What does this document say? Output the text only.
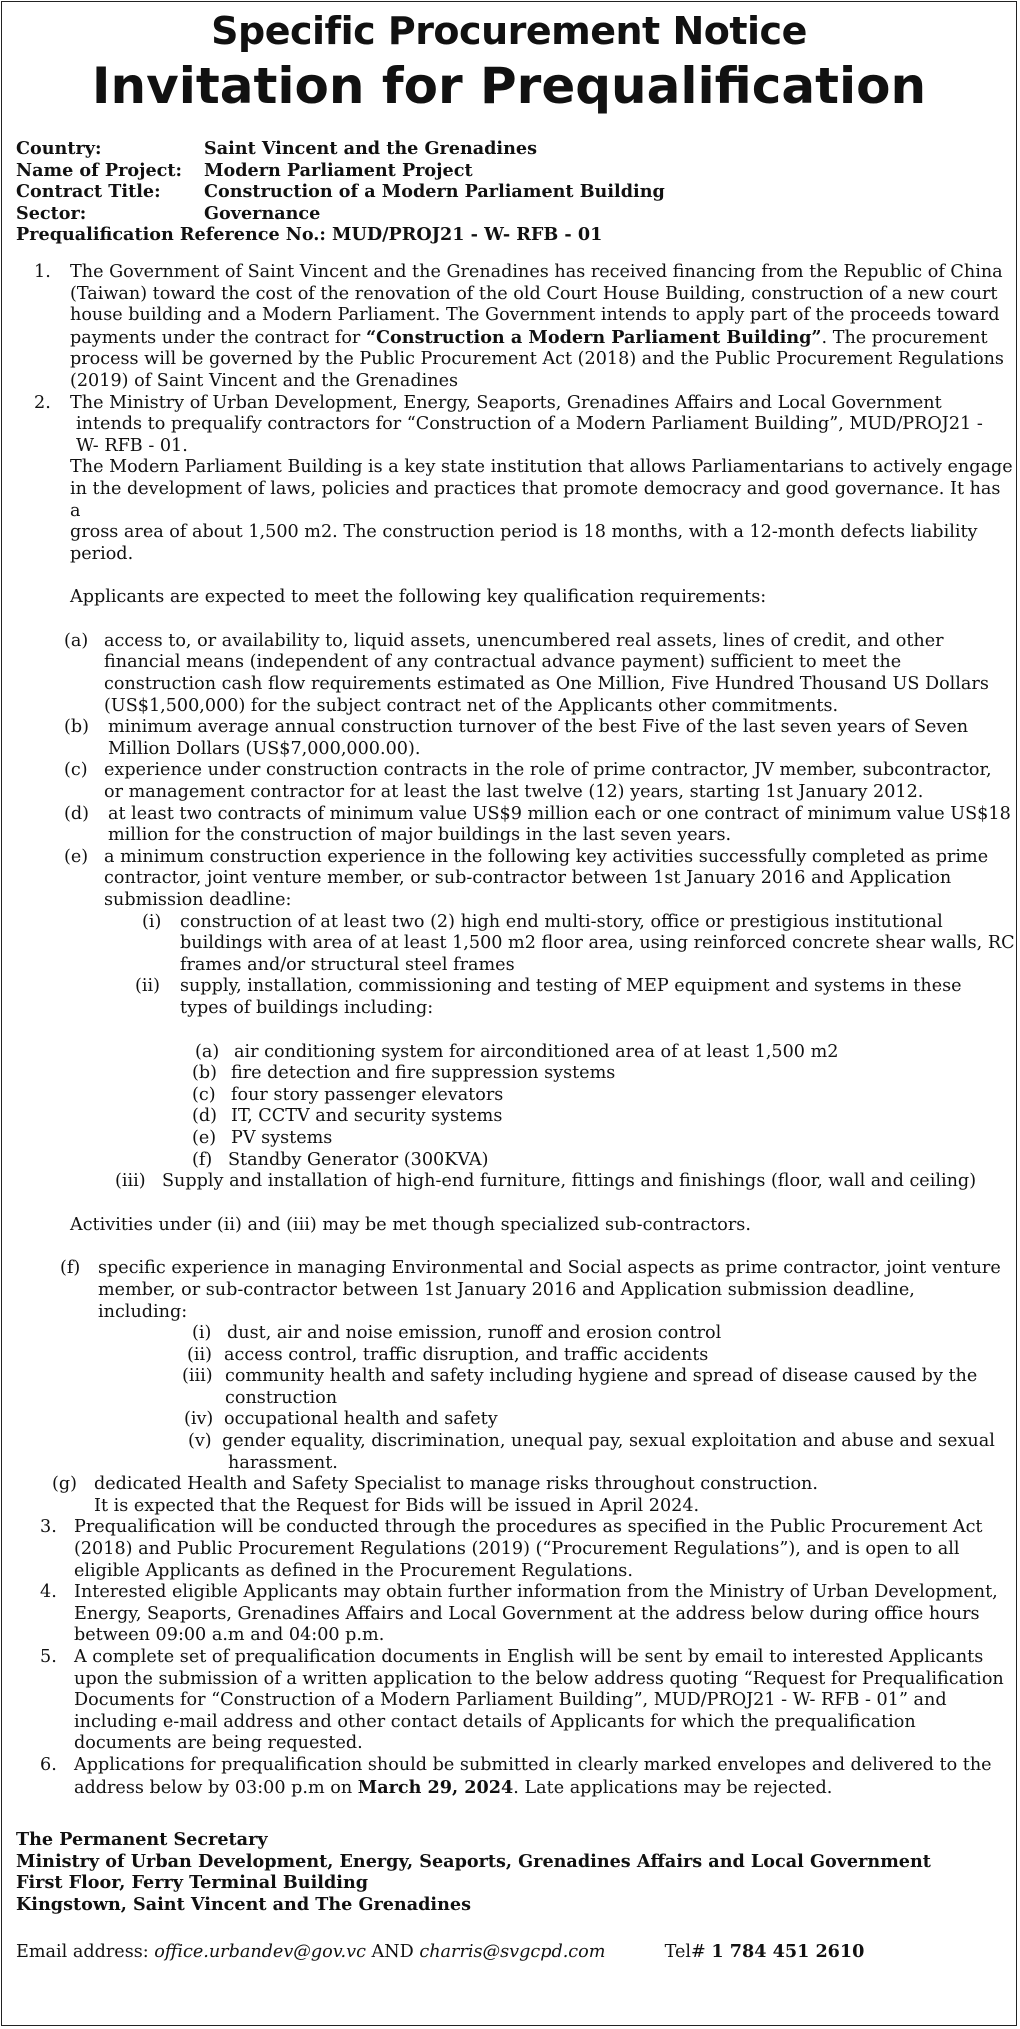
Specific Procurement Notice
Invitation for Prequalification
Country:	Saint Vincent and the Grenadines
Name of Project:	Modern Parliament Project
Contract Title:	Construction of a Modern Parliament Building
Sector:	Governance
Prequalification Reference No.: MUD/PROJ21 - W- RFB - 01
1. The Government of Saint Vincent and the Grenadines has received financing from the Republic of China
(Taiwan) toward the cost of the renovation of the old Court House Building, construction of a new court
house building and a Modern Parliament. The Government intends to apply part of the proceeds toward
payments under the contract for “Construction a Modern Parliament Building”. The procurement
process will be governed by the Public Procurement Act (2018) and the Public Procurement Regulations
(2019) of Saint Vincent and the Grenadines
2. The Ministry of Urban Development, Energy, Seaports, Grenadines Affairs and Local Government
intends to prequalify contractors for “Construction of a Modern Parliament Building”, MUD/PROJ21 -
W- RFB - 01.
The Modern Parliament Building is a key state institution that allows Parliamentarians to actively engage
in the development of laws, policies and practices that promote democracy and good governance. It has a
gross area of about 1,500 m2. The construction period is 18 months, with a 12-month defects liability
period.
Applicants are expected to meet the following key qualification requirements:
(a) access to, or availability to, liquid assets, unencumbered real assets, lines of credit, and other
financial means (independent of any contractual advance payment) sufficient to meet the
construction cash flow requirements estimated as One Million, Five Hundred Thousand US Dollars
(US$1,500,000) for the subject contract net of the Applicants other commitments.
(b) minimum average annual construction turnover of the best Five of the last seven years of Seven
Million Dollars (US$7,000,000.00).
(c) experience under construction contracts in the role of prime contractor, JV member, subcontractor,
or management contractor for at least the last twelve (12) years, starting 1st January 2012.
(d) at least two contracts of minimum value US$9 million each or one contract of minimum value US$18
million for the construction of major buildings in the last seven years.
(e) a minimum construction experience in the following key activities successfully completed as prime
contractor, joint venture member, or sub-contractor between 1st January 2016 and Application
submission deadline:
(i) construction of at least two (2) high end multi-story, office or prestigious institutional
buildings with area of at least 1,500 m2 floor area, using reinforced concrete shear walls, RC
frames and/or structural steel frames
(ii) supply, installation, commissioning and testing of MEP equipment and systems in these
types of buildings including:
(a) air conditioning system for airconditioned area of at least 1,500 m2
(b) fire detection and fire suppression systems
(c) four story passenger elevators
(d) IT, CCTV and security systems
(e) PV systems
(f) Standby Generator (300KVA)
(iii) Supply and installation of high-end furniture, fittings and finishings (floor, wall and ceiling)
Activities under (ii) and (iii) may be met though specialized sub-contractors.
(f) specific experience in managing Environmental and Social aspects as prime contractor, joint venture
member, or sub-contractor between 1st January 2016 and Application submission deadline,
including:
(i) dust, air and noise emission, runoff and erosion control
(ii) access control, traffic disruption, and traffic accidents
(iii) community health and safety including hygiene and spread of disease caused by the
construction
(iv) occupational health and safety
(v) gender equality, discrimination, unequal pay, sexual exploitation and abuse and sexual
harassment.
(g) dedicated Health and Safety Specialist to manage risks throughout construction.
It is expected that the Request for Bids will be issued in April 2024.
3. Prequalification will be conducted through the procedures as specified in the Public Procurement Act
(2018) and Public Procurement Regulations (2019) (“Procurement Regulations”), and is open to all
eligible Applicants as defined in the Procurement Regulations.
4. Interested eligible Applicants may obtain further information from the Ministry of Urban Development,
Energy, Seaports, Grenadines Affairs and Local Government at the address below during office hours
between 09:00 a.m and 04:00 p.m.
5. A complete set of prequalification documents in English will be sent by email to interested Applicants
upon the submission of a written application to the below address quoting “Request for Prequalification
Documents for “Construction of a Modern Parliament Building”, MUD/PROJ21 - W- RFB - 01” and
including e-mail address and other contact details of Applicants for which the prequalification
documents are being requested.
6. Applications for prequalification should be submitted in clearly marked envelopes and delivered to the
address below by 03:00 p.m on March 29, 2024. Late applications may be rejected.
The Permanent Secretary
Ministry of Urban Development, Energy, Seaports, Grenadines Affairs and Local Government
First Floor, Ferry Terminal Building
Kingstown, Saint Vincent and The Grenadines
Email address: office.urbandev@gov.vc AND charris@svgcpd.com	Tel# 1 784 451 2610
